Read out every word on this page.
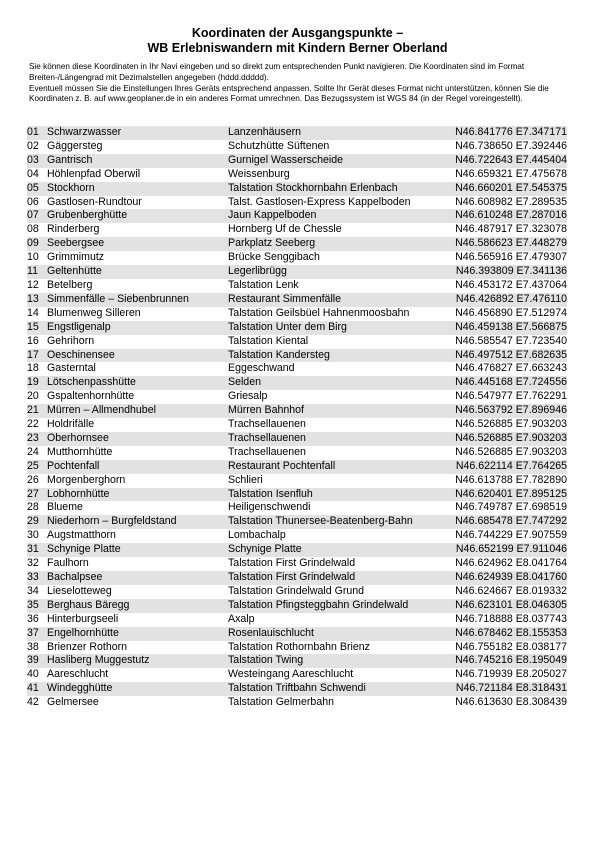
Koordinaten der Ausgangspunkte –
WB Erlebniswandern mit Kindern Berner Oberland

Sie können diese Koordinaten in Ihr Navi eingeben und so direkt zum entsprechenden Punkt navigieren. Die Koordinaten sind im Format Breiten-/Längengrad mit Dezimalstellen angegeben (hddd.ddddd).

Eventuell müssen Sie die Einstellungen Ihres Geräts entsprechend anpassen. Sollte Ihr Gerät dieses Format nicht unterstützen, können Sie die Koordinaten z. B. auf www.geoplaner.de in ein anderes Format umrechnen. Das Bezugssystem ist WGS 84 (in der Regel voreingestellt).

01	Schwarzwasser	Lanzenhäusern	N46.841776 E7.347171
02	Gäggersteg	Schutzhütte Süftenen	N46.738650 E7.392446
03	Gantrisch	Gurnigel Wasserscheide	N46.722643 E7.445404
04	Höhlenpfad Oberwil	Weissenburg	N46.659321 E7.475678
05	Stockhorn	Talstation Stockhornbahn Erlenbach	N46.660201 E7.545375
06	Gastlosen-Rundtour	Talst. Gastlosen-Express Kappelboden	N46.608982 E7.289535
07	Grubenberghütte	Jaun Kappelboden	N46.610248 E7.287016
08	Rinderberg	Hornberg Uf de Chessle	N46.487917 E7.323078
09	Seebergsee	Parkplatz Seeberg	N46.586623 E7.448279
10	Grimmimutz	Brücke Senggibach	N46.565916 E7.479307
11	Geltenhütte	Legerlibrügg	N46.393809 E7.341136
12	Betelberg	Talstation Lenk	N46.453172 E7.437064
13	Simmenfälle – Siebenbrunnen	Restaurant Simmenfälle	N46.426892 E7.476110
14	Blumenweg Silleren	Talstation Geilsbüel Hahnenmoosbahn	N46.456890 E7.512974
15	Engstligenalp	Talstation Unter dem Birg	N46.459138 E7.566875
16	Gehrihorn	Talstation Kiental	N46.585547 E7.723540
17	Oeschinensee	Talstation Kandersteg	N46.497512 E7.682635
18	Gasterntal	Eggeschwand	N46.476827 E7.663243
19	Lötschenpasshütte	Selden	N46.445168 E7.724556
20	Gspaltenhornhütte	Griesalp	N46.547977 E7.762291
21	Mürren – Allmendhubel	Mürren Bahnhof	N46.563792 E7.896946
22	Holdrifälle	Trachsellauenen	N46.526885 E7.903203
23	Oberhornsee	Trachsellauenen	N46.526885 E7.903203
24	Mutthornhütte	Trachsellauenen	N46.526885 E7.903203
25	Pochtenfall	Restaurant Pochtenfall	N46.622114 E7.764265
26	Morgenberghorn	Schlieri	N46.613788 E7.782890
27	Lobhornhütte	Talstation Isenfluh	N46.620401 E7.895125
28	Blueme	Heiligenschwendi	N46.749787 E7.698519
29	Niederhorn – Burgfeldstand	Talstation Thunersee-Beatenberg-Bahn	N46.685478 E7.747292
30	Augstmatthorn	Lombachalp	N46.744229 E7.907559
31	Schynige Platte	Schynige Platte	N46.652199 E7.911046
32	Faulhorn	Talstation First Grindelwald	N46.624962 E8.041764
33	Bachalpsee	Talstation First Grindelwald	N46.624939 E8.041760
34	Lieselotteweg	Talstation Grindelwald Grund	N46.624667 E8.019332
35	Berghaus Bäregg	Talstation Pfingsteggbahn Grindelwald	N46.623101 E8.046305
36	Hinterburgseeli	Axalp	N46.718888 E8.037743
37	Engelhornhütte	Rosenlauischlucht	N46.678462 E8.155353
38	Brienzer Rothorn	Talstation Rothornbahn Brienz	N46.755182 E8.038177
39	Hasliberg Muggestutz	Talstation Twing	N46.745216 E8.195049
40	Aareschlucht	Westeingang Aareschlucht	N46.719939 E8.205027
41	Windegghütte	Talstation Triftbahn Schwendi	N46.721184 E8.318431
42	Gelmersee	Talstation Gelmerbahn	N46.613630 E8.308439
